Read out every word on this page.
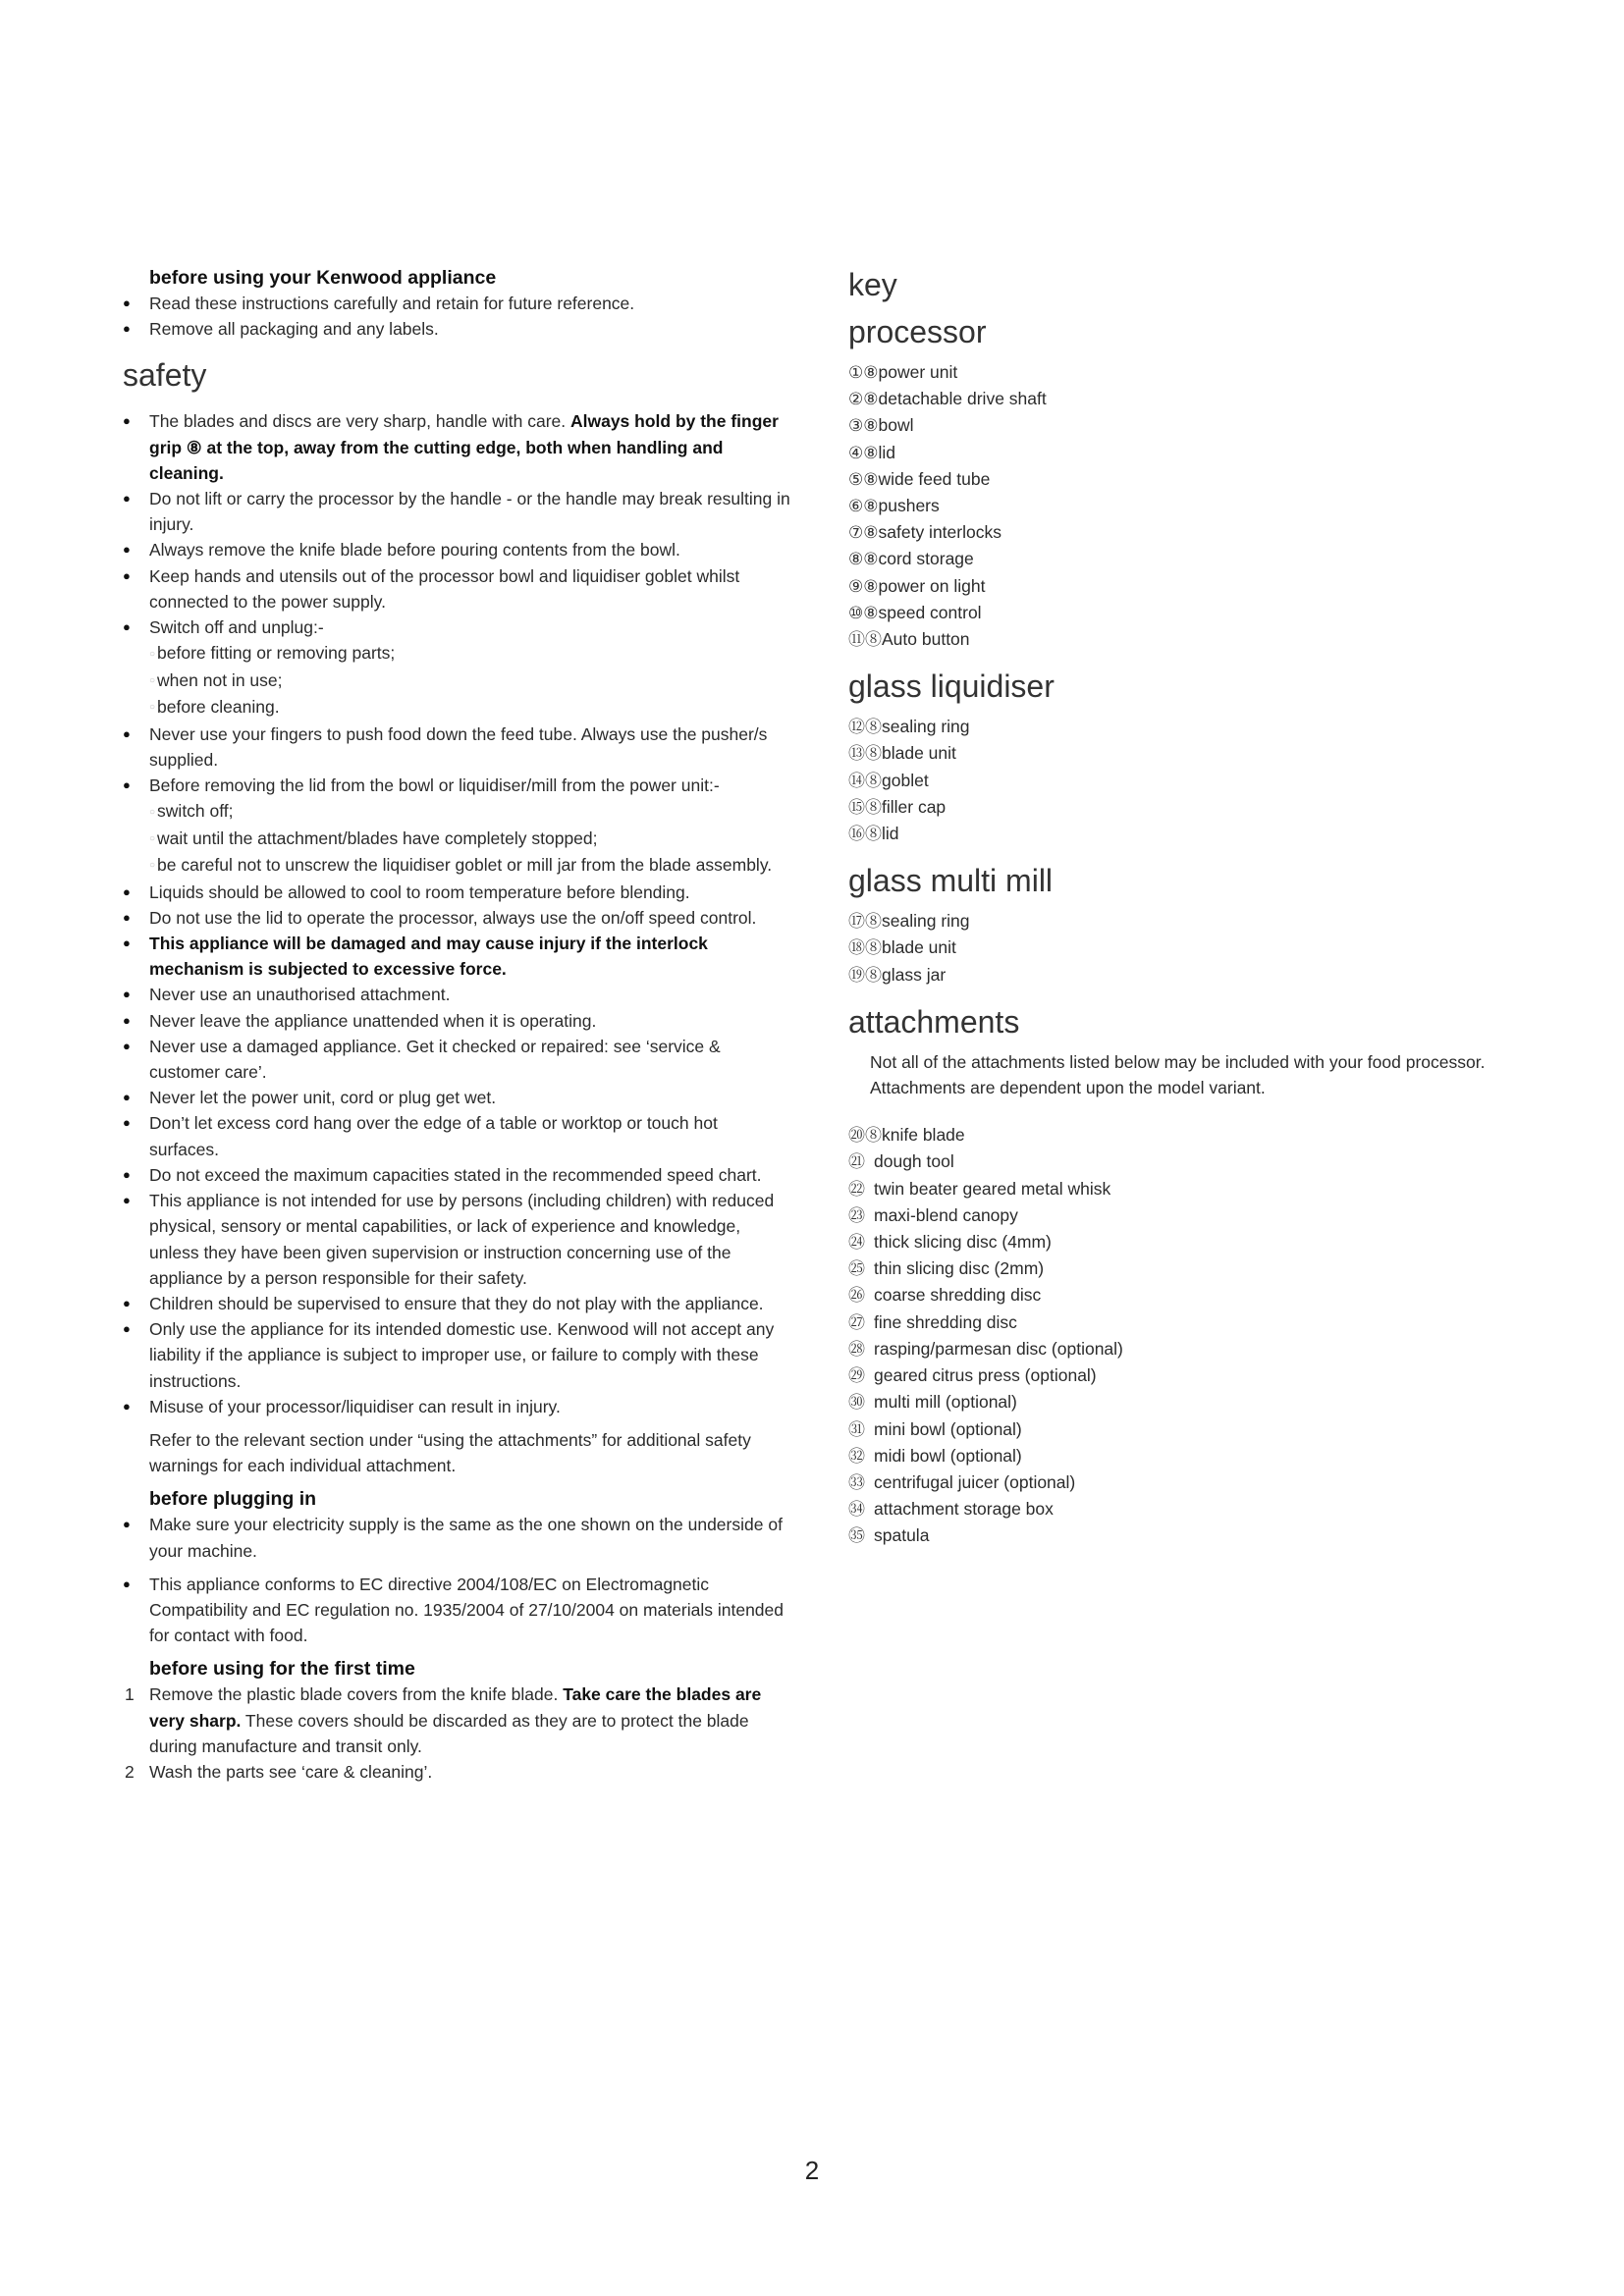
before using your Kenwood appliance
● Read these instructions carefully and retain for future reference.
● Remove all packaging and any labels.
safety
● The blades and discs are very sharp, handle with care. Always hold by the finger grip ⑧ at the top, away from the cutting edge, both when handling and cleaning.
● Do not lift or carry the processor by the handle - or the handle may break resulting in injury.
● Always remove the knife blade before pouring contents from the bowl.
● Keep hands and utensils out of the processor bowl and liquidiser goblet whilst connected to the power supply.
● Switch off and unplug:-
○ before fitting or removing parts;
○ when not in use;
○ before cleaning.
● Never use your fingers to push food down the feed tube. Always use the pusher/s supplied.
● Before removing the lid from the bowl or liquidiser/mill from the power unit:-
○ switch off;
○ wait until the attachment/blades have completely stopped;
○ be careful not to unscrew the liquidiser goblet or mill jar from the blade assembly.
● Liquids should be allowed to cool to room temperature before blending.
● Do not use the lid to operate the processor, always use the on/off speed control.
● This appliance will be damaged and may cause injury if the interlock mechanism is subjected to excessive force.
● Never use an unauthorised attachment.
● Never leave the appliance unattended when it is operating.
● Never use a damaged appliance. Get it checked or repaired: see ‘service & customer care’.
● Never let the power unit, cord or plug get wet.
● Don’t let excess cord hang over the edge of a table or worktop or touch hot surfaces.
● Do not exceed the maximum capacities stated in the recommended speed chart.
● This appliance is not intended for use by persons (including children) with reduced physical, sensory or mental capabilities, or lack of experience and knowledge, unless they have been given supervision or instruction concerning use of the appliance by a person responsible for their safety.
● Children should be supervised to ensure that they do not play with the appliance.
● Only use the appliance for its intended domestic use. Kenwood will not accept any liability if the appliance is subject to improper use, or failure to comply with these instructions.
● Misuse of your processor/liquidiser can result in injury.

Refer to the relevant section under “using the attachments” for additional safety warnings for each individual attachment.

before plugging in
● Make sure your electricity supply is the same as the one shown on the underside of your machine.
● This appliance conforms to EC directive 2004/108/EC on Electromagnetic Compatibility and EC regulation no. 1935/2004 of 27/10/2004 on materials intended for contact with food.
before using for the first time
1 Remove the plastic blade covers from the knife blade. Take care the blades are very sharp. These covers should be discarded as they are to protect the blade during manufacture and transit only.
2 Wash the parts see ‘care & cleaning’.
key
processor
①⑧power unit
②⑧detachable drive shaft
③⑧bowl
④⑧lid
⑤⑧wide feed tube
⑥⑧pushers
⑦⑧safety interlocks
⑧⑧cord storage
⑨⑧power on light
⑩⑧speed control
⑪⑧Auto button
glass liquidiser
⑫⑧sealing ring
⑬⑧blade unit
⑭⑧goblet
⑮⑧filler cap
⑯⑧lid
glass multi mill
⑰⑧sealing ring
⑱⑧blade unit
⑲⑧glass jar
attachments

Not all of the attachments listed below may be included with your food processor. Attachments are dependent upon the model variant.

⑳⑧knife blade
㉑ dough tool
㉒ twin beater geared metal whisk
㉓ maxi-blend canopy
㉔ thick slicing disc (4mm)
㉕ thin slicing disc (2mm)
㉖ coarse shredding disc
㉗ fine shredding disc
㉘ rasping/parmesan disc (optional)
㉙ geared citrus press (optional)
㉚ multi mill (optional)
㉛ mini bowl (optional)
㉜ midi bowl (optional)
㉝ centrifugal juicer (optional)
㉞ attachment storage box
㉟ spatula
2
